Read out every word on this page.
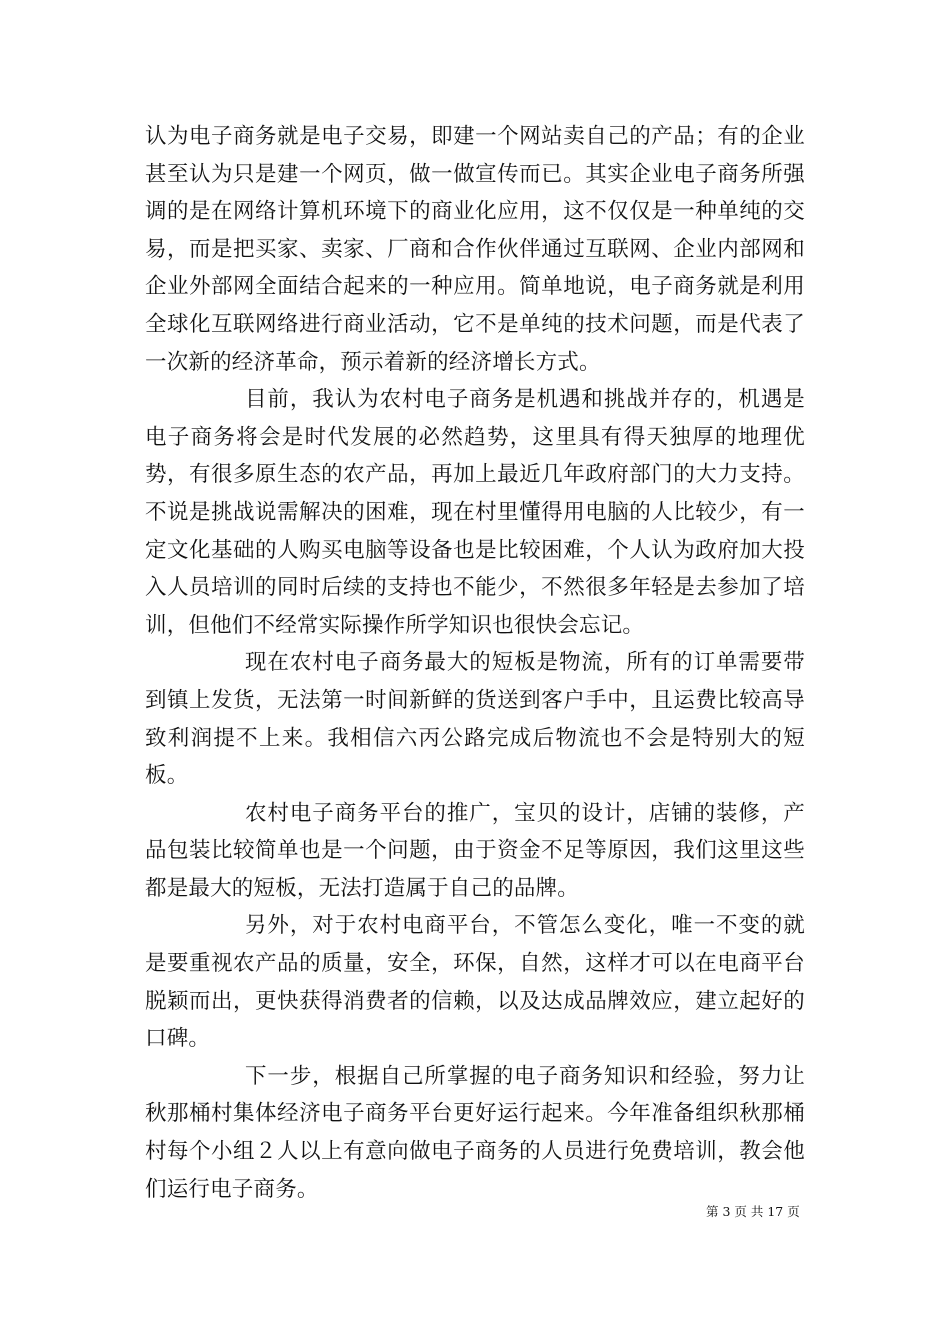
认为电子商务就是电子交易，即建一个网站卖自己的产品；有的企业甚至认为只是建一个网页，做一做宣传而已。其实企业电子商务所强调的是在网络计算机环境下的商业化应用，这不仅仅是一种单纯的交易，而是把买家、卖家、厂商和合作伙伴通过互联网、企业内部网和企业外部网全面结合起来的一种应用。简单地说，电子商务就是利用全球化互联网络进行商业活动，它不是单纯的技术问题，而是代表了一次新的经济革命，预示着新的经济增长方式。

目前，我认为农村电子商务是机遇和挑战并存的，机遇是电子商务将会是时代发展的必然趋势，这里具有得天独厚的地理优势，有很多原生态的农产品，再加上最近几年政府部门的大力支持。不说是挑战说需解决的困难，现在村里懂得用电脑的人比较少，有一定文化基础的人购买电脑等设备也是比较困难，个人认为政府加大投入人员培训的同时后续的支持也不能少，不然很多年轻是去参加了培训，但他们不经常实际操作所学知识也很快会忘记。

现在农村电子商务最大的短板是物流，所有的订单需要带到镇上发货，无法第一时间新鲜的货送到客户手中，且运费比较高导致利润提不上来。我相信六丙公路完成后物流也不会是特别大的短板。

农村电子商务平台的推广，宝贝的设计，店铺的装修，产品包装比较简单也是一个问题，由于资金不足等原因，我们这里这些都是最大的短板，无法打造属于自己的品牌。

另外，对于农村电商平台，不管怎么变化，唯一不变的就是要重视农产品的质量，安全，环保，自然，这样才可以在电商平台脱颖而出，更快获得消费者的信赖，以及达成品牌效应，建立起好的口碑。

下一步，根据自己所掌握的电子商务知识和经验，努力让秋那桶村集体经济电子商务平台更好运行起来。今年准备组织秋那桶村每个小组２人以上有意向做电子商务的人员进行免费培训，教会他们运行电子商务。

第 3 页 共 17 页
